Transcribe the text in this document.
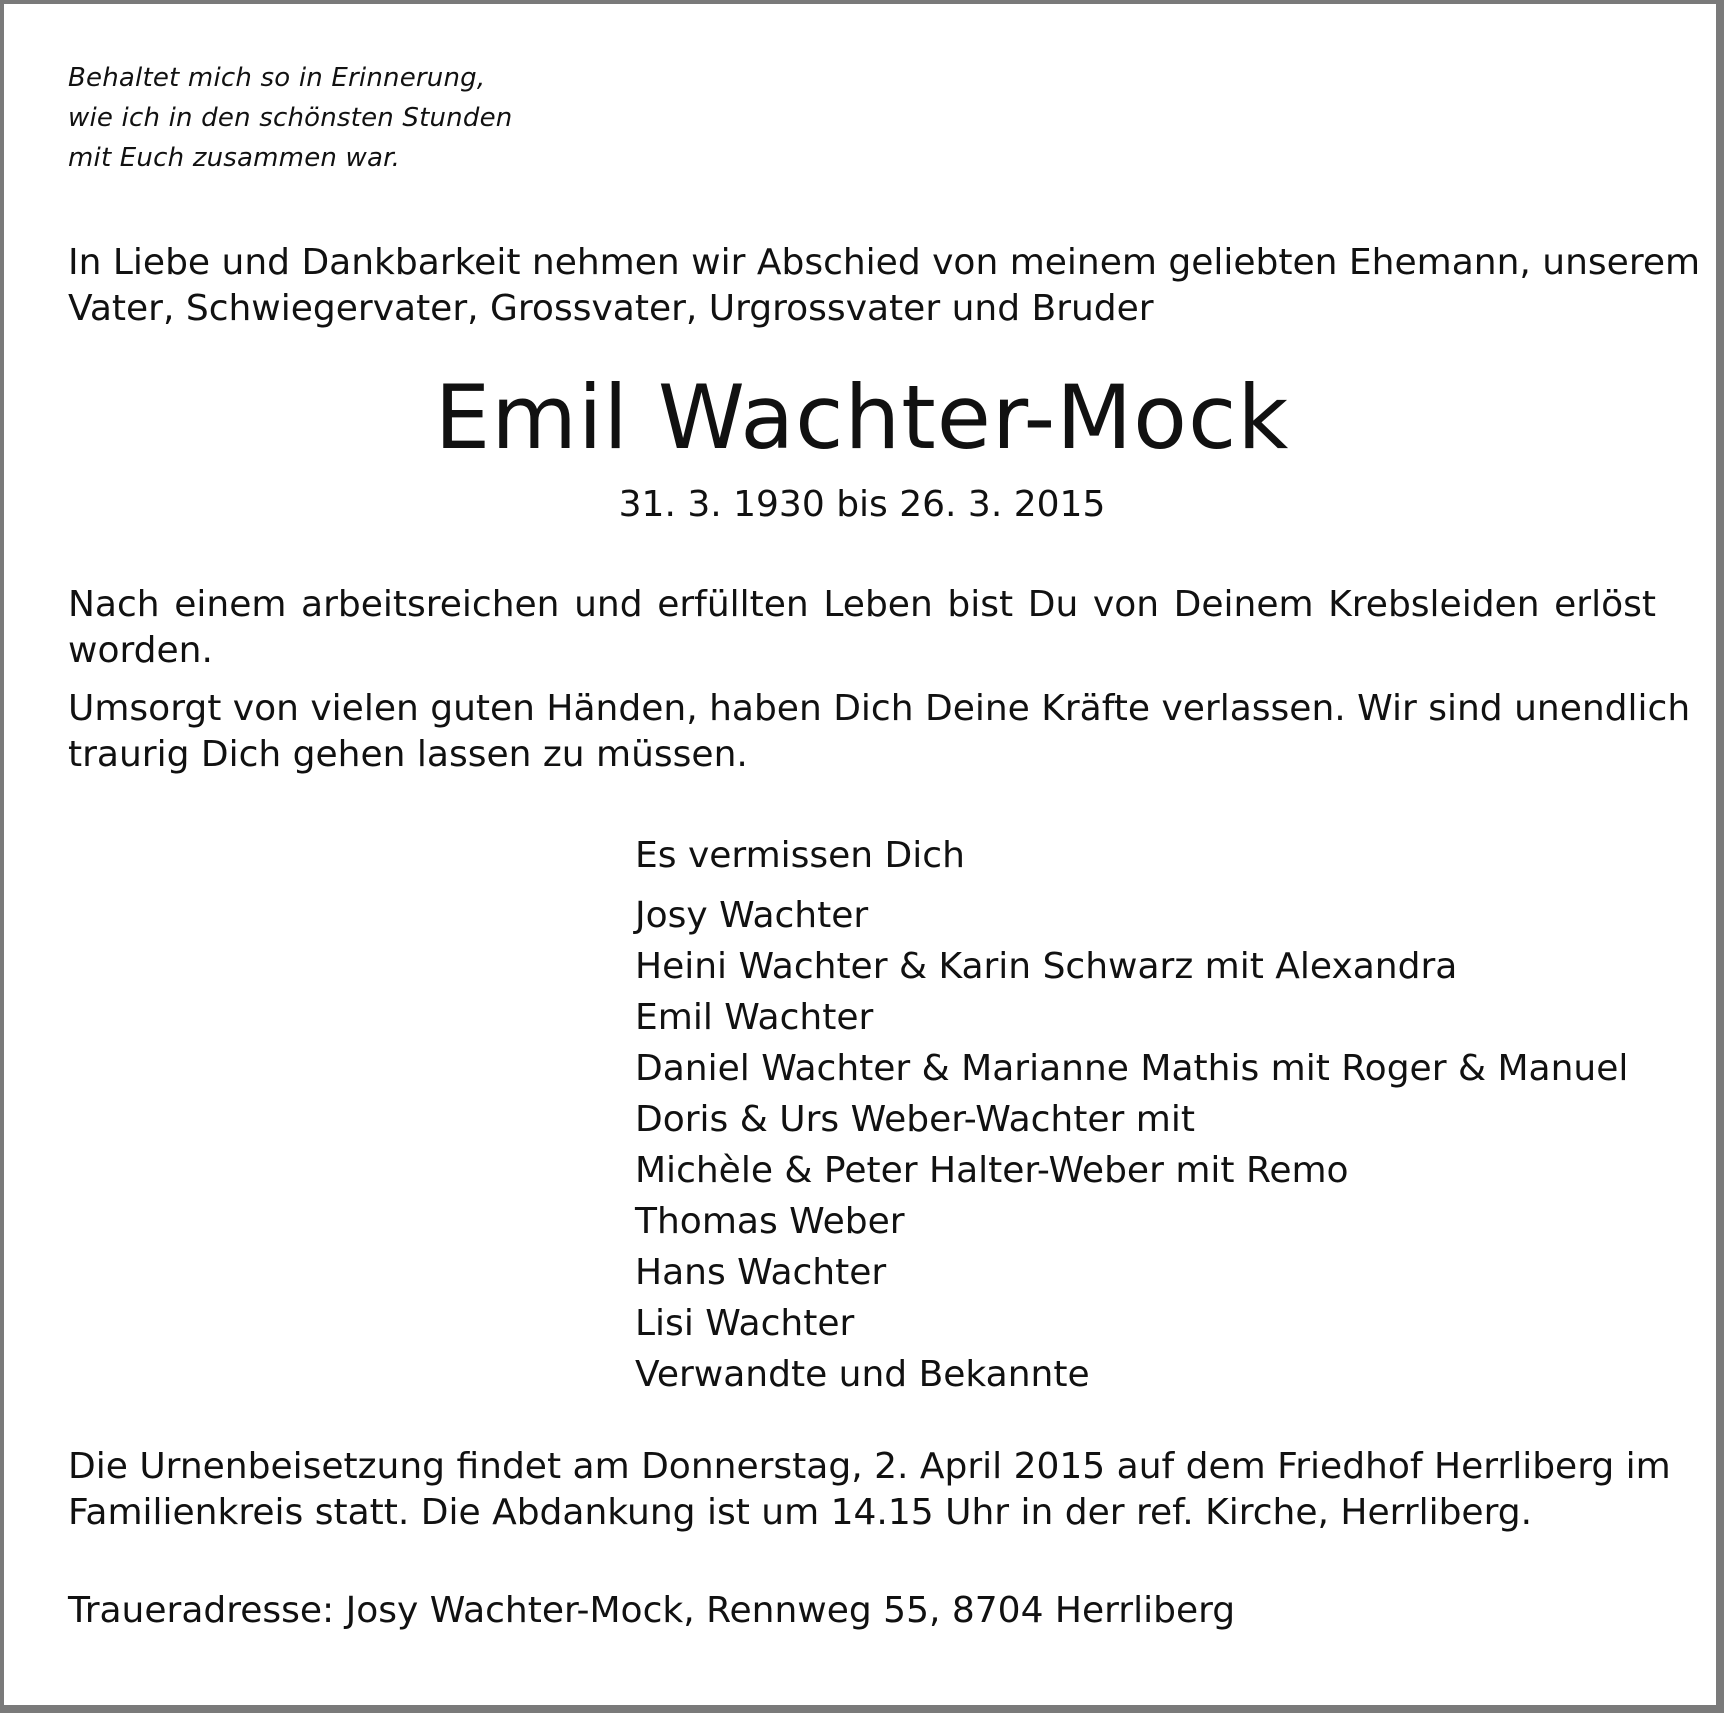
Behaltet mich so in Erinnerung,
wie ich in den schönsten Stunden
mit Euch zusammen war.
In Liebe und Dankbarkeit nehmen wir Abschied von meinem geliebten Ehemann, unserem
Vater, Schwiegervater, Grossvater, Urgrossvater und Bruder
Emil Wachter-Mock
31. 3. 1930 bis 26. 3. 2015
Nach einem arbeitsreichen und erfüllten Leben bist Du von Deinem Krebsleiden erlöst
worden.
Umsorgt von vielen guten Händen, haben Dich Deine Kräfte verlassen. Wir sind unendlich
traurig Dich gehen lassen zu müssen.
Es vermissen Dich
Josy Wachter
Heini Wachter & Karin Schwarz mit Alexandra
Emil Wachter
Daniel Wachter & Marianne Mathis mit Roger & Manuel
Doris & Urs Weber-Wachter mit
Michèle & Peter Halter-Weber mit Remo
Thomas Weber
Hans Wachter
Lisi Wachter
Verwandte und Bekannte
Die Urnenbeisetzung findet am Donnerstag, 2. April 2015 auf dem Friedhof Herrliberg im
Familienkreis statt. Die Abdankung ist um 14.15 Uhr in der ref. Kirche, Herrliberg.
Traueradresse: Josy Wachter-Mock, Rennweg 55, 8704 Herrliberg
